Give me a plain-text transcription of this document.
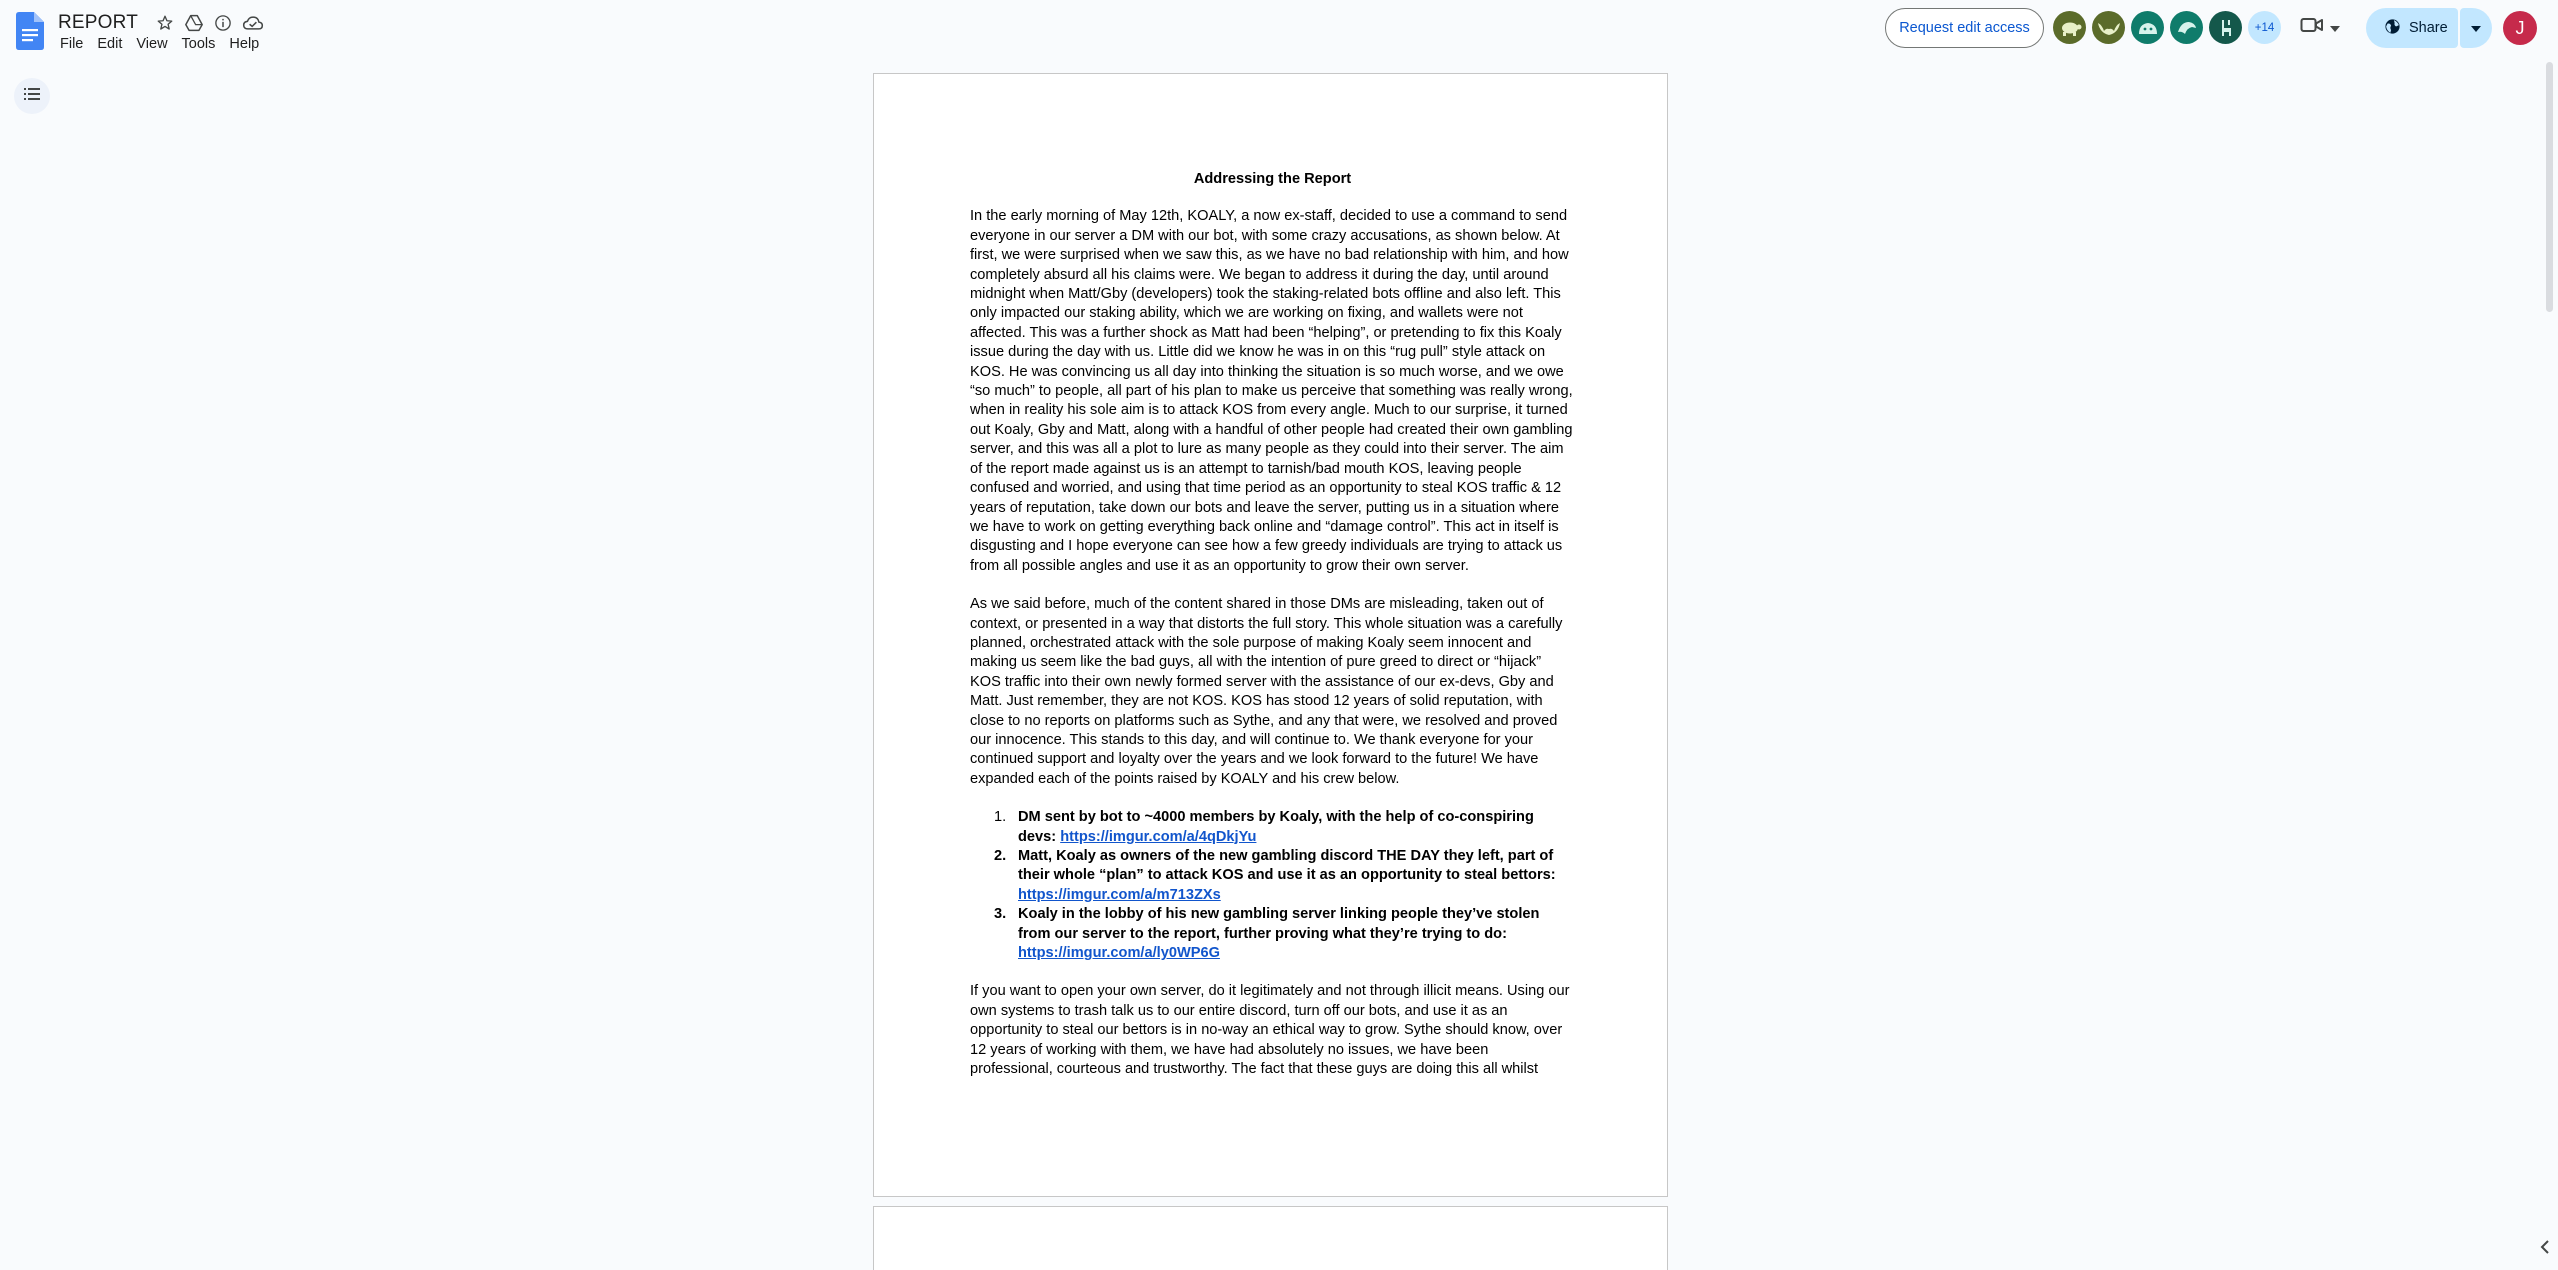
REPORT
File Edit View Tools Help
Request edit access	+14	Share	J
Addressing the Report

In the early morning of May 12th, KOALY, a now ex-staff, decided to use a command to send everyone in our server a DM with our bot, with some crazy accusations, as shown below. At first, we were surprised when we saw this, as we have no bad relationship with him, and how completely absurd all his claims were. We began to address it during the day, until around midnight when Matt/Gby (developers) took the staking-related bots offline and also left. This only impacted our staking ability, which we are working on fixing, and wallets were not affected. This was a further shock as Matt had been “helping”, or pretending to fix this Koaly issue during the day with us. Little did we know he was in on this “rug pull” style attack on KOS. He was convincing us all day into thinking the situation is so much worse, and we owe “so much” to people, all part of his plan to make us perceive that something was really wrong, when in reality his sole aim is to attack KOS from every angle. Much to our surprise, it turned out Koaly, Gby and Matt, along with a handful of other people had created their own gambling server, and this was all a plot to lure as many people as they could into their server. The aim of the report made against us is an attempt to tarnish/bad mouth KOS, leaving people confused and worried, and using that time period as an opportunity to steal KOS traffic & 12 years of reputation, take down our bots and leave the server, putting us in a situation where we have to work on getting everything back online and “damage control”. This act in itself is disgusting and I hope everyone can see how a few greedy individuals are trying to attack us from all possible angles and use it as an opportunity to grow their own server.

As we said before, much of the content shared in those DMs are misleading, taken out of context, or presented in a way that distorts the full story. This whole situation was a carefully planned, orchestrated attack with the sole purpose of making Koaly seem innocent and making us seem like the bad guys, all with the intention of pure greed to direct or “hijack” KOS traffic into their own newly formed server with the assistance of our ex-devs, Gby and Matt. Just remember, they are not KOS. KOS has stood 12 years of solid reputation, with close to no reports on platforms such as Sythe, and any that were, we resolved and proved our innocence. This stands to this day, and will continue to. We thank everyone for your continued support and loyalty over the years and we look forward to the future! We have expanded each of the points raised by KOALY and his crew below.

1. DM sent by bot to ~4000 members by Koaly, with the help of co-conspiring devs: https://imgur.com/a/4qDkjYu
2. Matt, Koaly as owners of the new gambling discord THE DAY they left, part of their whole “plan” to attack KOS and use it as an opportunity to steal bettors: https://imgur.com/a/m713ZXs
3. Koaly in the lobby of his new gambling server linking people they’ve stolen from our server to the report, further proving what they’re trying to do: https://imgur.com/a/ly0WP6G

If you want to open your own server, do it legitimately and not through illicit means. Using our own systems to trash talk us to our entire discord, turn off our bots, and use it as an opportunity to steal our bettors is in no-way an ethical way to grow. Sythe should know, over 12 years of working with them, we have had absolutely no issues, we have been professional, courteous and trustworthy. The fact that these guys are doing this all whilst
